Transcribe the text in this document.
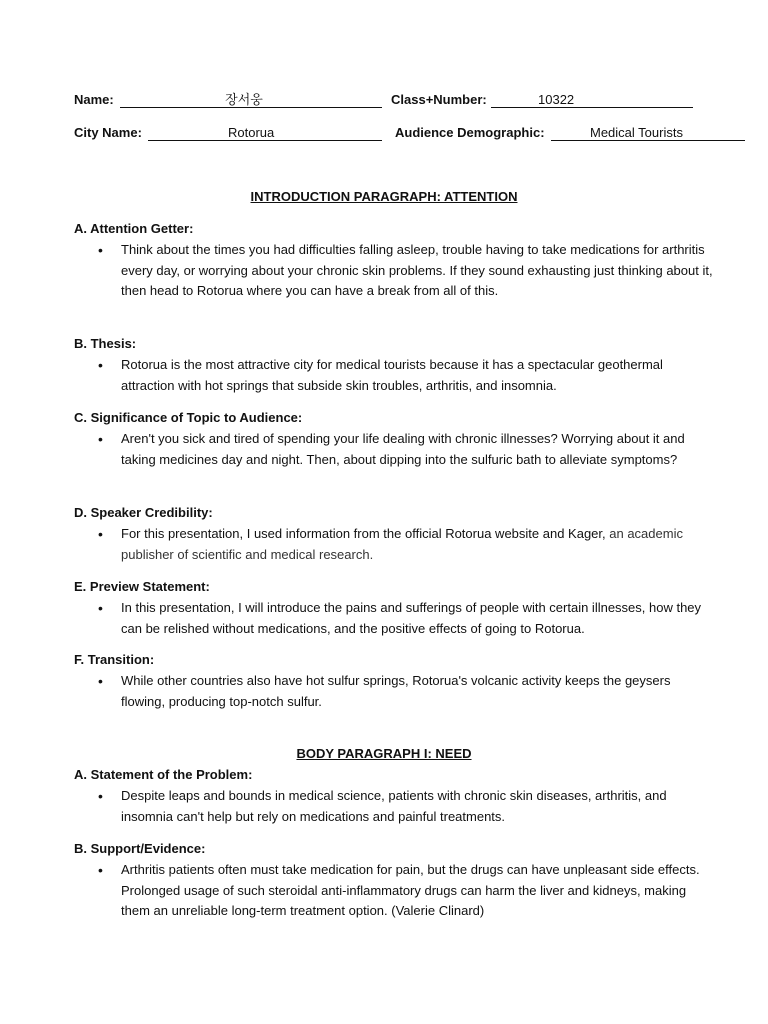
Name:	장서웅	Class+Number:	10322
City Name:	Rotorua	Audience Demographic:	Medical Tourists
INTRODUCTION PARAGRAPH: ATTENTION
A. Attention Getter:
• Think about the times you had difficulties falling asleep, trouble having to take medications for arthritis every day, or worrying about your chronic skin problems. If they sound exhausting just thinking about it, then head to Rotorua where you can have a break from all of this.
B. Thesis:
• Rotorua is the most attractive city for medical tourists because it has a spectacular geothermal attraction with hot springs that subside skin troubles, arthritis, and insomnia.
C. Significance of Topic to Audience:
• Aren't you sick and tired of spending your life dealing with chronic illnesses? Worrying about it and taking medicines day and night. Then, about dipping into the sulfuric bath to alleviate symptoms?
D. Speaker Credibility:
• For this presentation, I used information from the official Rotorua website and Kager, an academic publisher of scientific and medical research.
E. Preview Statement:
• In this presentation, I will introduce the pains and sufferings of people with certain illnesses, how they can be relished without medications, and the positive effects of going to Rotorua.
F. Transition:
• While other countries also have hot sulfur springs, Rotorua's volcanic activity keeps the geysers flowing, producing top-notch sulfur.
BODY PARAGRAPH I: NEED
A. Statement of the Problem:
• Despite leaps and bounds in medical science, patients with chronic skin diseases, arthritis, and insomnia can't help but rely on medications and painful treatments.
B. Support/Evidence:
• Arthritis patients often must take medication for pain, but the drugs can have unpleasant side effects. Prolonged usage of such steroidal anti-inflammatory drugs can harm the liver and kidneys, making them an unreliable long-term treatment option. (Valerie Clinard)
